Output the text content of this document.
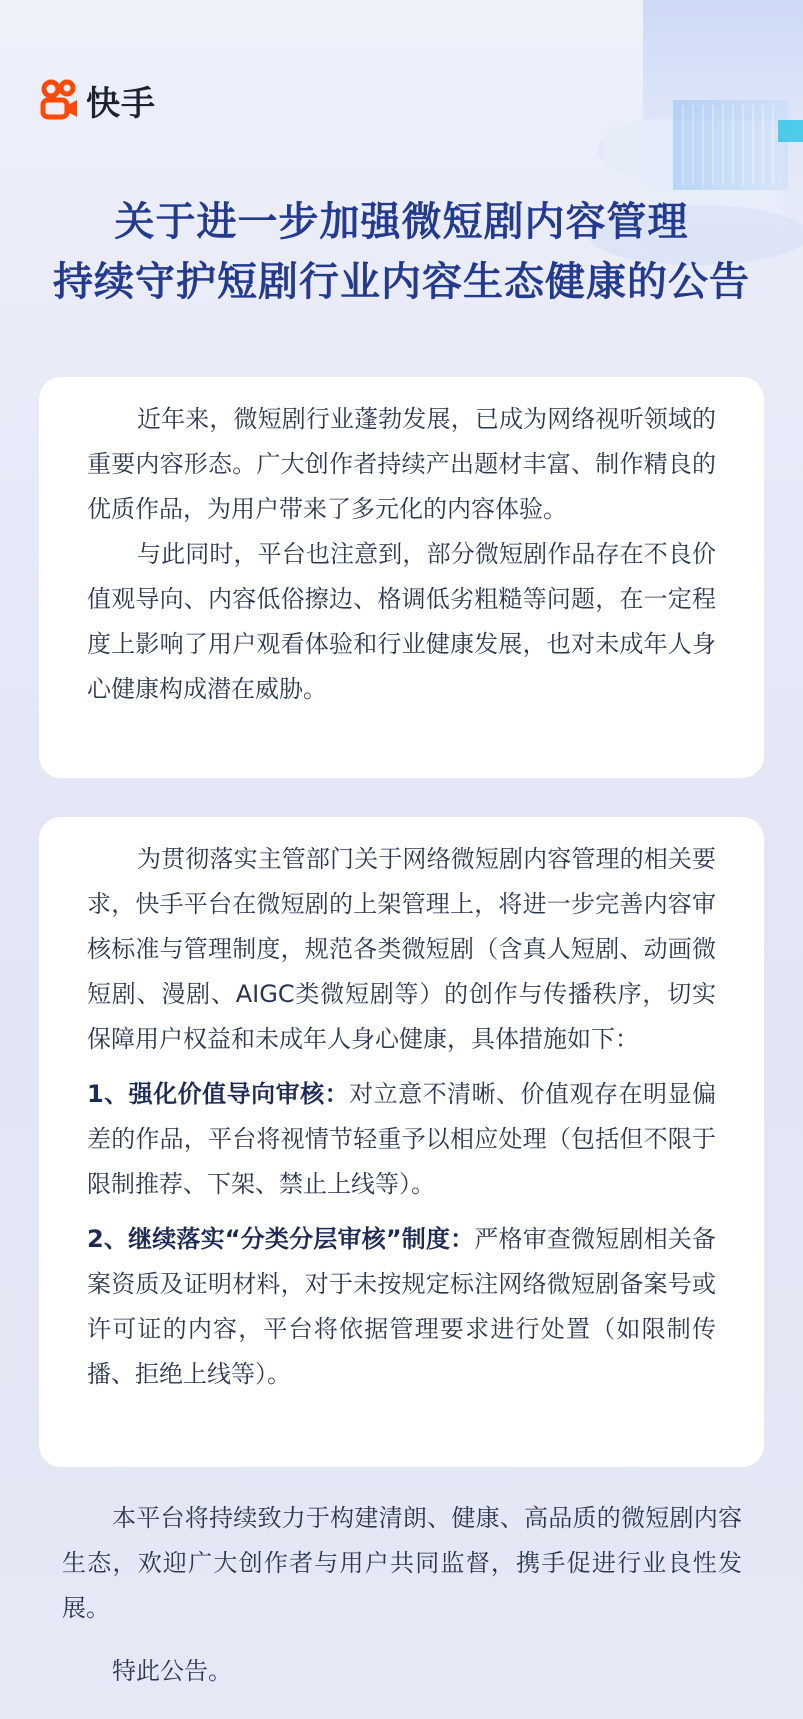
快手
关于进一步加强微短剧内容管理
持续守护短剧行业内容生态健康的公告

近年来，微短剧行业蓬勃发展，已成为网络视听领域的重要内容形态。广大创作者持续产出题材丰富、制作精良的优质作品，为用户带来了多元化的内容体验。

与此同时，平台也注意到，部分微短剧作品存在不良价值观导向、内容低俗擦边、格调低劣粗糙等问题，在一定程度上影响了用户观看体验和行业健康发展，也对未成年人身心健康构成潜在威胁。

为贯彻落实主管部门关于网络微短剧内容管理的相关要求，快手平台在微短剧的上架管理上，将进一步完善内容审核标准与管理制度，规范各类微短剧（含真人短剧、动画微短剧、漫剧、AIGC类微短剧等）的创作与传播秩序，切实保障用户权益和未成年人身心健康，具体措施如下：

1、强化价值导向审核：对立意不清晰、价值观存在明显偏差的作品，平台将视情节轻重予以相应处理（包括但不限于限制推荐、下架、禁止上线等）。

2、继续落实“分类分层审核”制度：严格审查微短剧相关备案资质及证明材料，对于未按规定标注网络微短剧备案号或许可证的内容，平台将依据管理要求进行处置（如限制传播、拒绝上线等）。

本平台将持续致力于构建清朗、健康、高品质的微短剧内容生态，欢迎广大创作者与用户共同监督，携手促进行业良性发展。

特此公告。
